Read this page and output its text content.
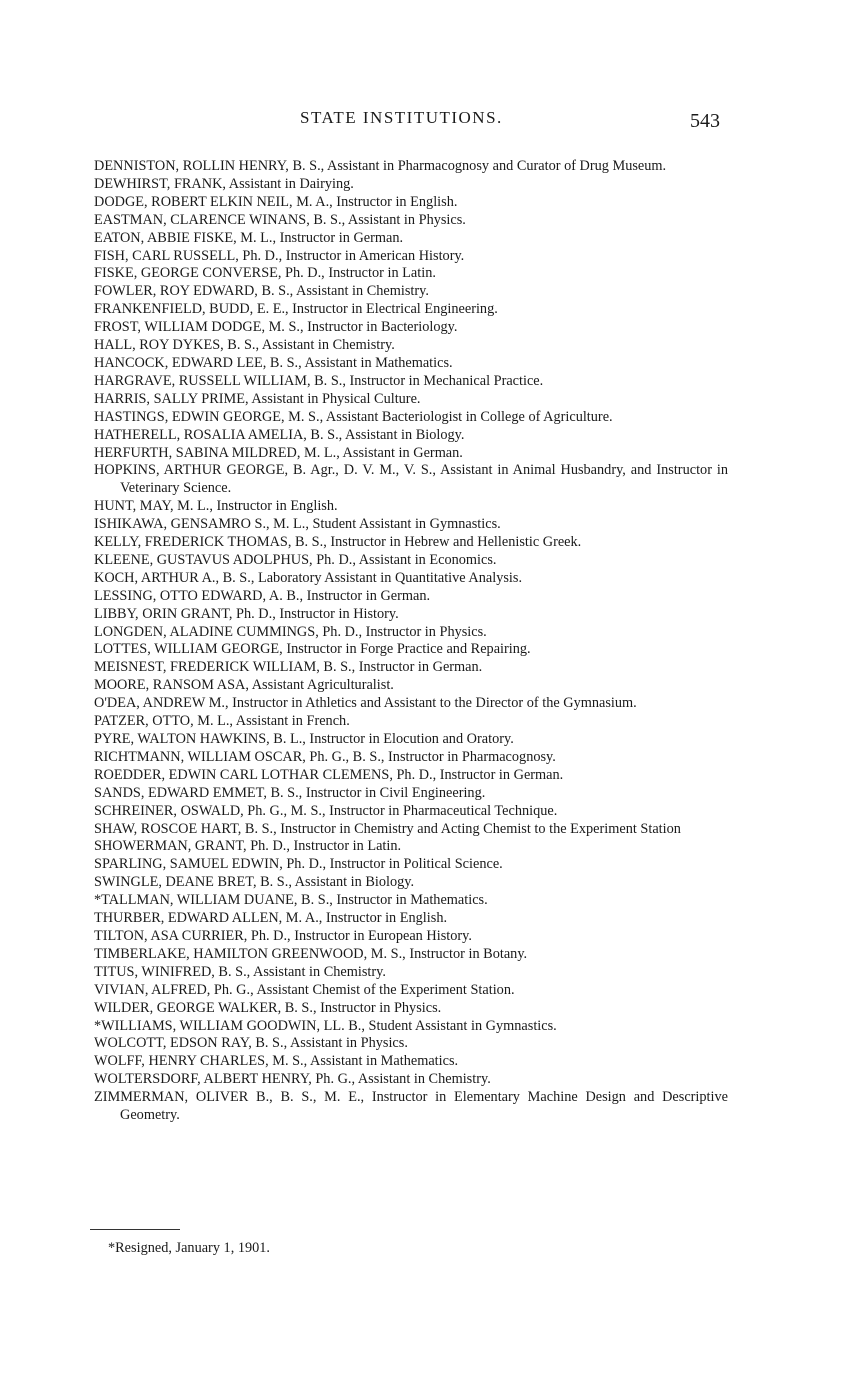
STATE INSTITUTIONS.	543
DENNISTON, ROLLIN HENRY, B. S., Assistant in Pharmacognosy and Curator of Drug Museum.
DEWHIRST, FRANK, Assistant in Dairying.
DODGE, ROBERT ELKIN NEIL, M. A., Instructor in English.
EASTMAN, CLARENCE WINANS, B. S., Assistant in Physics.
EATON, ABBIE FISKE, M. L., Instructor in German.
FISH, CARL RUSSELL, Ph. D., Instructor in American History.
FISKE, GEORGE CONVERSE, Ph. D., Instructor in Latin.
FOWLER, ROY EDWARD, B. S., Assistant in Chemistry.
FRANKENFIELD, BUDD, E. E., Instructor in Electrical Engineering.
FROST, WILLIAM DODGE, M. S., Instructor in Bacteriology.
HALL, ROY DYKES, B. S., Assistant in Chemistry.
HANCOCK, EDWARD LEE, B. S., Assistant in Mathematics.
HARGRAVE, RUSSELL WILLIAM, B. S., Instructor in Mechanical Practice.
HARRIS, SALLY PRIME, Assistant in Physical Culture.
HASTINGS, EDWIN GEORGE, M. S., Assistant Bacteriologist in College of Agriculture.
HATHERELL, ROSALIA AMELIA, B. S., Assistant in Biology.
HERFURTH, SABINA MILDRED, M. L., Assistant in German.
HOPKINS, ARTHUR GEORGE, B. Agr., D. V. M., V. S., Assistant in Animal Husbandry, and Instructor in Veterinary Science.
HUNT, MAY, M. L., Instructor in English.
ISHIKAWA, GENSAMRO S., M. L., Student Assistant in Gymnastics.
KELLY, FREDERICK THOMAS, B. S., Instructor in Hebrew and Hellenistic Greek.
KLEENE, GUSTAVUS ADOLPHUS, Ph. D., Assistant in Economics.
KOCH, ARTHUR A., B. S., Laboratory Assistant in Quantitative Analysis.
LESSING, OTTO EDWARD, A. B., Instructor in German.
LIBBY, ORIN GRANT, Ph. D., Instructor in History.
LONGDEN, ALADINE CUMMINGS, Ph. D., Instructor in Physics.
LOTTES, WILLIAM GEORGE, Instructor in Forge Practice and Repairing.
MEISNEST, FREDERICK WILLIAM, B. S., Instructor in German.
MOORE, RANSOM ASA, Assistant Agriculturalist.
O'DEA, ANDREW M., Instructor in Athletics and Assistant to the Director of the Gymnasium.
PATZER, OTTO, M. L., Assistant in French.
PYRE, WALTON HAWKINS, B. L., Instructor in Elocution and Oratory.
RICHTMANN, WILLIAM OSCAR, Ph. G., B. S., Instructor in Pharmacognosy.
ROEDDER, EDWIN CARL LOTHAR CLEMENS, Ph. D., Instructor in German.
SANDS, EDWARD EMMET, B. S., Instructor in Civil Engineering.
SCHREINER, OSWALD, Ph. G., M. S., Instructor in Pharmaceutical Technique.
SHAW, ROSCOE HART, B. S., Instructor in Chemistry and Acting Chemist to the Experiment Station
SHOWERMAN, GRANT, Ph. D., Instructor in Latin.
SPARLING, SAMUEL EDWIN, Ph. D., Instructor in Political Science.
SWINGLE, DEANE BRET, B. S., Assistant in Biology.
*TALLMAN, WILLIAM DUANE, B. S., Instructor in Mathematics.
THURBER, EDWARD ALLEN, M. A., Instructor in English.
TILTON, ASA CURRIER, Ph. D., Instructor in European History.
TIMBERLAKE, HAMILTON GREENWOOD, M. S., Instructor in Botany.
TITUS, WINIFRED, B. S., Assistant in Chemistry.
VIVIAN, ALFRED, Ph. G., Assistant Chemist of the Experiment Station.
WILDER, GEORGE WALKER, B. S., Instructor in Physics.
*WILLIAMS, WILLIAM GOODWIN, LL. B., Student Assistant in Gymnastics.
WOLCOTT, EDSON RAY, B. S., Assistant in Physics.
WOLFF, HENRY CHARLES, M. S., Assistant in Mathematics.
WOLTERSDORF, ALBERT HENRY, Ph. G., Assistant in Chemistry.
ZIMMERMAN, OLIVER B., B. S., M. E., Instructor in Elementary Machine Design and Descriptive Geometry.
*Resigned, January 1, 1901.
